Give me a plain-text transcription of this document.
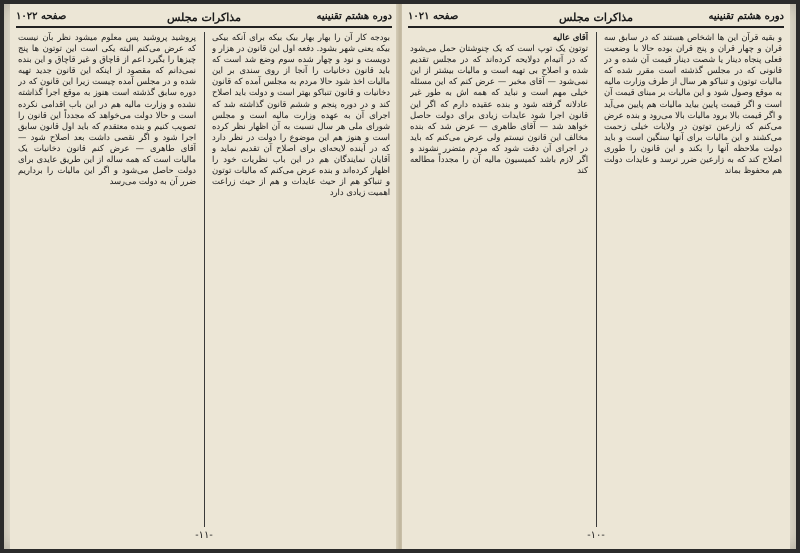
دوره هشتم تقنینیه
مذاکرات مجلس
صفحه ۱۰۲۲

بودجه کار آن را بهار بهار بیک بیکه برای آنکه بیکی بیکه یعنی شهر بشود. دفعه اول این قانون در هزار و دویست و نود و چهار شده سوم وضع شد است که باید قانون دخانیات را آنجا از روی سندی بر این مالیات اخذ شود حالا مردم به مجلس آمده که قانون دخانیات و قانون تنباکو بهتر است و دولت باید اصلاح کند و در دوره پنجم و ششم قانون گذاشته شد که اجرای آن به عهده وزارت مالیه است و مجلس شورای ملی هر سال نسبت به آن اظهار نظر کرده است و هنوز هم این موضوع را دولت در نظر دارد که در آینده لایحه‌ای برای اصلاح آن تقدیم نماید و آقایان نمایندگان هم در این باب نظریات خود را اظهار کرده‌اند و بنده عرض می‌کنم که مالیات توتون و تنباکو هم از حیث عایدات و هم از حیث زراعت اهمیت زیادی دارد

پروشید پروشید پس معلوم میشود نظر بآن نیست که عرض می‌کنم البته یکی است این توتون ها پنج چیزها را بگیرد اعم از قاچاق و غیر قاچاق و این بنده نمی‌دانم که مقصود از اینکه این قانون جدید تهیه شده و در مجلس آمده چیست زیرا این قانون که در دوره سابق گذشته است هنوز به موقع اجرا گذاشته نشده و وزارت مالیه هم در این باب اقدامی نکرده است و حالا دولت می‌خواهد که مجدداً این قانون را تصویب کنیم و بنده معتقدم که باید اول قانون سابق اجرا شود و اگر نقصی داشت بعد اصلاح شود — آقای طاهری — عرض کنم قانون دخانیات یک مالیات است که همه ساله از این طریق عایدی برای دولت حاصل می‌شود و اگر این مالیات را برداریم ضرر آن به دولت می‌رسد

-۱۱-
دوره هشتم تقنینیه
مذاکرات مجلس
صفحه ۱۰۲۱

و بقیه قرآن این ها اشخاص هستند که در سابق سه قران و چهار قران و پنج قران بوده حالا با وضعیت فعلی پنجاه دینار یا شصت دینار قیمت آن شده و در قانونی که در مجلس گذشته است مقرر شده که مالیات توتون و تنباکو هر سال از طرف وزارت مالیه به موقع وصول شود و این مالیات بر مبنای قیمت آن است و اگر قیمت پایین بیاید مالیات هم پایین می‌آید و اگر قیمت بالا برود مالیات بالا می‌رود و بنده عرض می‌کنم که زارعین توتون در ولایات خیلی زحمت می‌کشند و این مالیات برای آنها سنگین است و باید دولت ملاحظه آنها را بکند و این قانون را طوری اصلاح کند که به زارعین ضرر نرسد و عایدات دولت هم محفوظ بماند

آقای عالیه

توتون یک توپ است که یک چنوشتان حمل می‌شود که در آتیه‌ام دولایحه کرده‌اند که در مجلس تقدیم شده و اصلاح بی تهیه است و مالیات بیشتر از این نمی‌شود — آقای مخبر — عرض کنم که این مسئله خیلی مهم است و نباید که همه اش به طور غیر عادلانه گرفته شود و بنده عقیده دارم که اگر این قانون اجرا شود عایدات زیادی برای دولت حاصل خواهد شد — آقای طاهری — عرض شد که بنده مخالف این قانون نیستم ولی عرض می‌کنم که باید در اجرای آن دقت شود که مردم متضرر نشوند و اگر لازم باشد کمیسیون مالیه آن را مجدداً مطالعه کند

-۱۰-
